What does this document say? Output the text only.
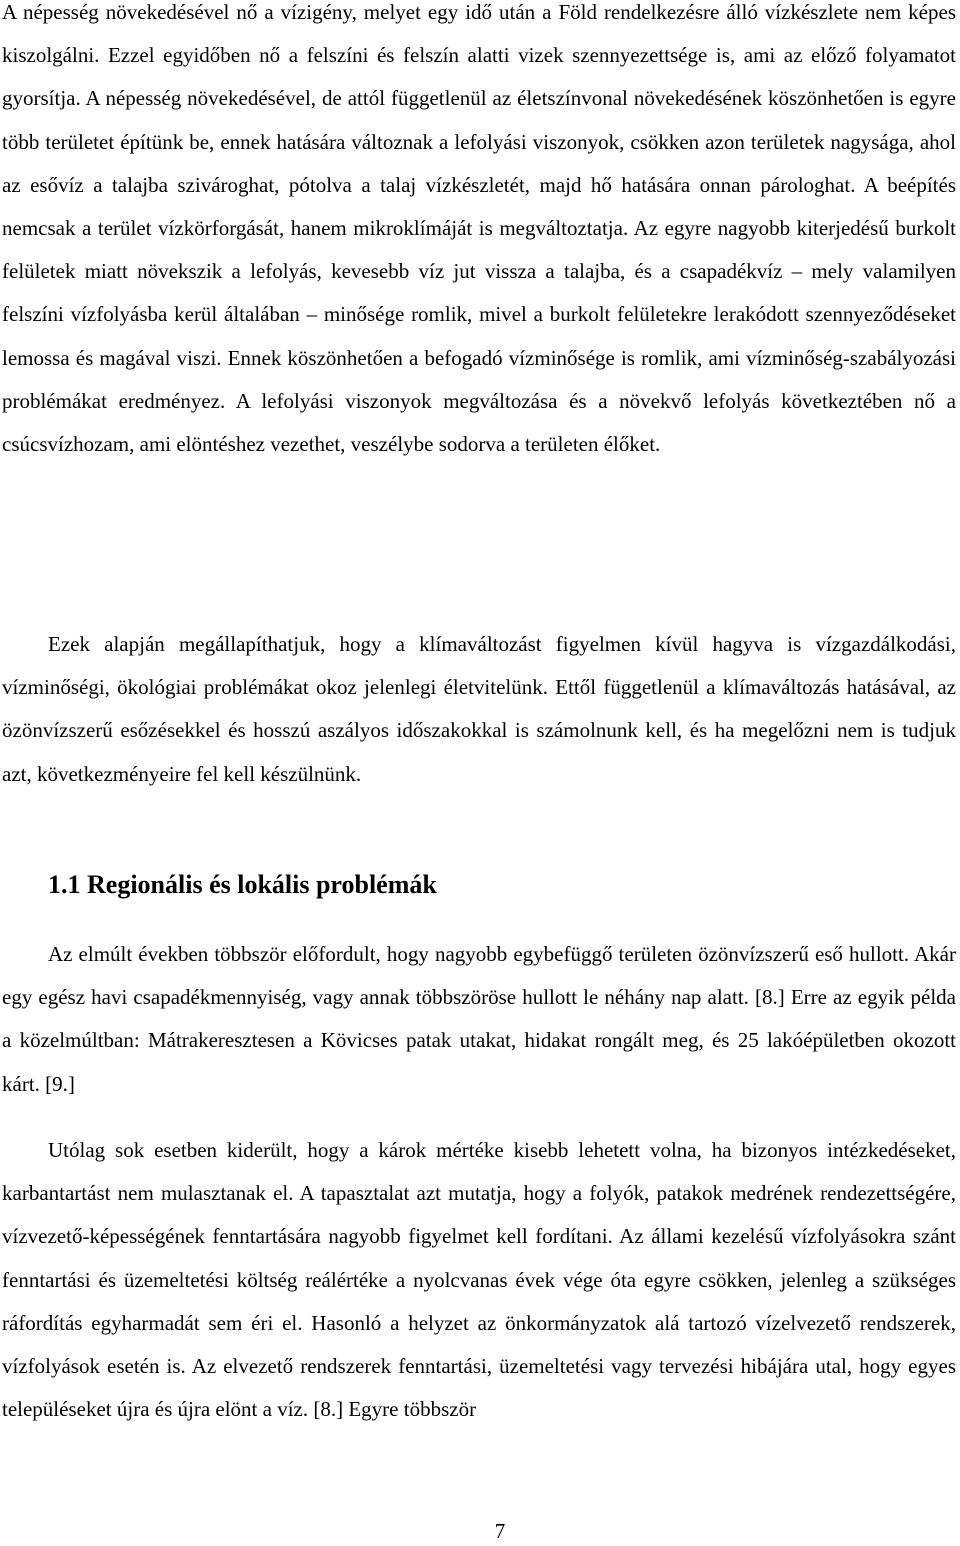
A népesség növekedésével nő a vízigény, melyet egy idő után a Föld rendelkezésre álló vízkészlete nem képes kiszolgálni. Ezzel egyidőben nő a felszíni és felszín alatti vizek szennyezettsége is, ami az előző folyamatot gyorsítja. A népesség növekedésével, de attól függetlenül az életszínvonal növekedésének köszönhetően is egyre több területet építünk be, ennek hatására változnak a lefolyási viszonyok, csökken azon területek nagysága, ahol az esővíz a talajba szivároghat, pótolva a talaj vízkészletét, majd hő hatására onnan párologhat. A beépítés nemcsak a terület vízkörforgását, hanem mikroklímáját is megváltoztatja. Az egyre nagyobb kiterjedésű burkolt felületek miatt növekszik a lefolyás, kevesebb víz jut vissza a talajba, és a csapadékvíz – mely valamilyen felszíni vízfolyásba kerül általában – minősége romlik, mivel a burkolt felületekre lerakódott szennyeződéseket lemossa és magával viszi. Ennek köszönhetően a befogadó vízminősége is romlik, ami vízminőség-szabályozási problémákat eredményez. A lefolyási viszonyok megváltozása és a növekvő lefolyás következtében nő a csúcsvízhozam, ami elöntéshez vezethet, veszélybe sodorva a területen élőket.

Ezek alapján megállapíthatjuk, hogy a klímaváltozást figyelmen kívül hagyva is vízgazdálkodási, vízminőségi, ökológiai problémákat okoz jelenlegi életvitelünk. Ettől függetlenül a klímaváltozás hatásával, az özönvízszerű esőzésekkel és hosszú aszályos időszakokkal is számolnunk kell, és ha megelőzni nem is tudjuk azt, következményeire fel kell készülnünk.

1.1 Regionális és lokális problémák

Az elmúlt években többször előfordult, hogy nagyobb egybefüggő területen özönvízszerű eső hullott. Akár egy egész havi csapadékmennyiség, vagy annak többszöröse hullott le néhány nap alatt. [8.] Erre az egyik példa a közelmúltban: Mátrakeresztesen a Kövicses patak utakat, hidakat rongált meg, és 25 lakóépületben okozott kárt. [9.]

Utólag sok esetben kiderült, hogy a károk mértéke kisebb lehetett volna, ha bizonyos intézkedéseket, karbantartást nem mulasztanak el. A tapasztalat azt mutatja, hogy a folyók, patakok medrének rendezettségére, vízvezető-képességének fenntartására nagyobb figyelmet kell fordítani. Az állami kezelésű vízfolyásokra szánt fenntartási és üzemeltetési költség reálértéke a nyolcvanas évek vége óta egyre csökken, jelenleg a szükséges ráfordítás egyharmadát sem éri el. Hasonló a helyzet az önkormányzatok alá tartozó vízelvezető rendszerek, vízfolyások esetén is. Az elvezető rendszerek fenntartási, üzemeltetési vagy tervezési hibájára utal, hogy egyes településeket újra és újra elönt a víz. [8.] Egyre többször

7
